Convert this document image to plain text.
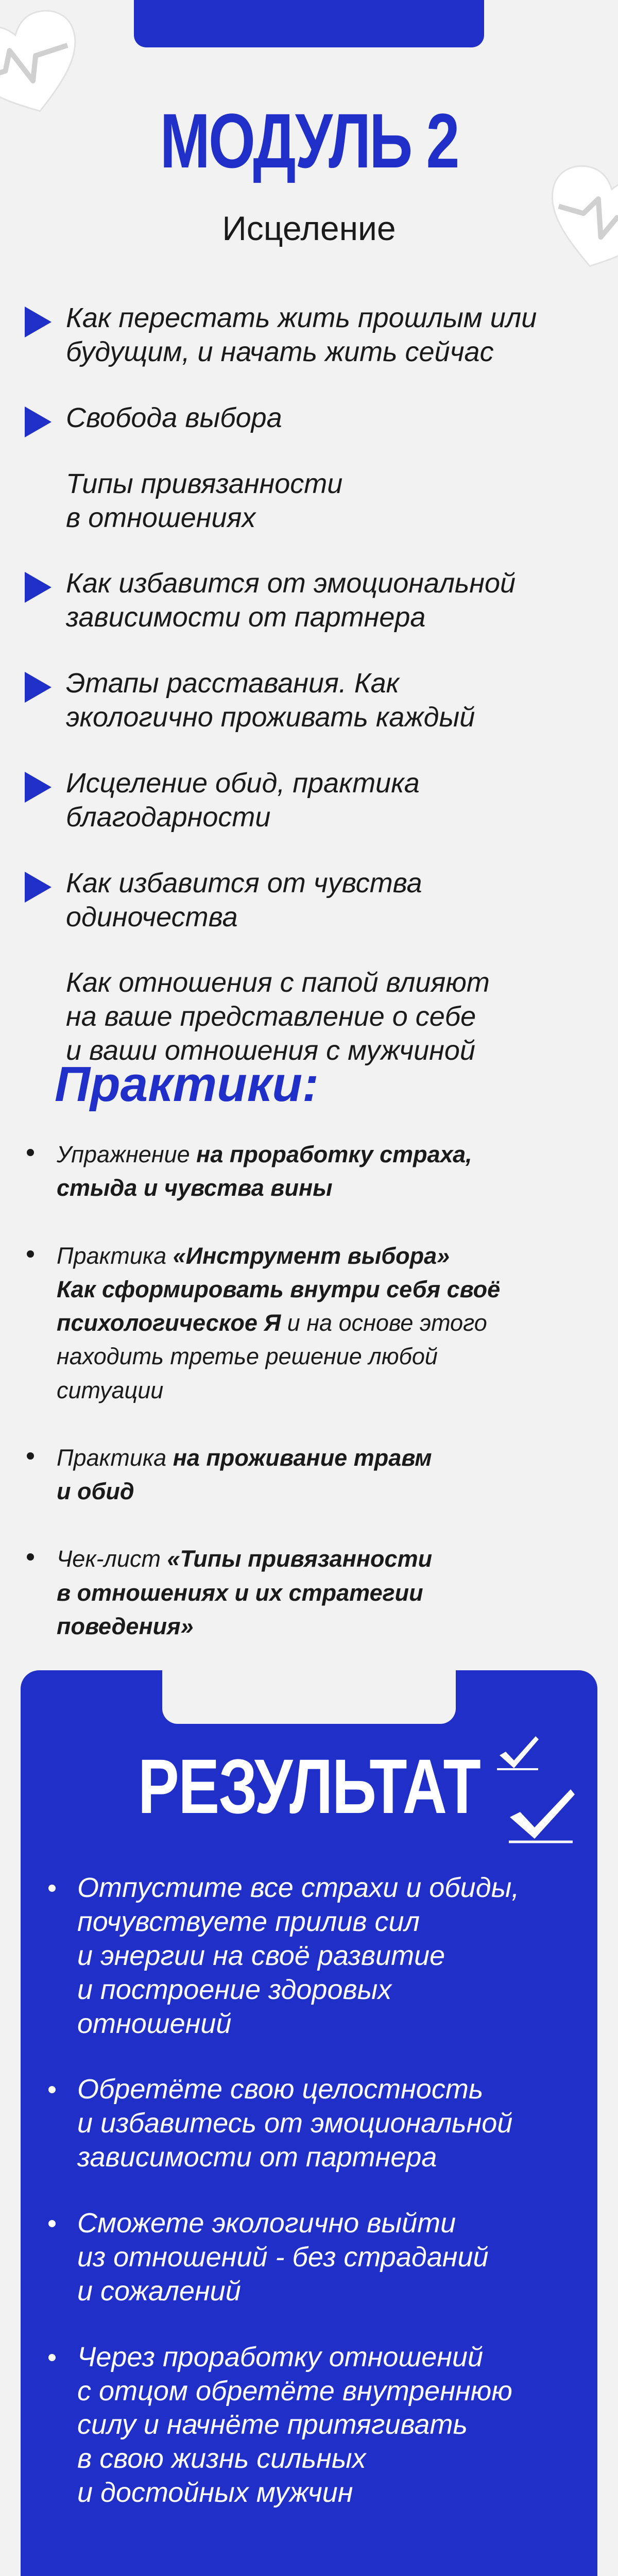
МОДУЛЬ 2
Исцеление
Как перестать жить прошлым или
будущим, и начать жить сейчас
Свобода выбора
Типы привязанности
в отношениях
Как избавится от эмоциональной
зависимости от партнера
Этапы расставания. Как
экологично проживать каждый
Исцеление обид, практика
благодарности
Как избавится от чувства
одиночества
Как отношения с папой влияют
на ваше представление о себе
и ваши отношения с мужчиной
Практики:
Упражнение на проработку страха,
стыда и чувства вины
Практика «Инструмент выбора»
Как сформировать внутри себя своё
психологическое Я и на основе этого
находить третье решение любой
ситуации
Практика на проживание травм
и обид
Чек-лист «Типы привязанности
в отношениях и их стратегии
поведения»
РЕЗУЛЬТАТ
Отпустите все страхи и обиды,
почувствуете прилив сил
и энергии на своё развитие
и построение здоровых
отношений
Обретёте свою целостность
и избавитесь от эмоциональной
зависимости от партнера
Сможете экологично выйти
из отношений - без страданий
и сожалений
Через проработку отношений
с отцом обретёте внутреннюю
силу и начнёте притягивать
в свою жизнь сильных
и достойных мужчин
